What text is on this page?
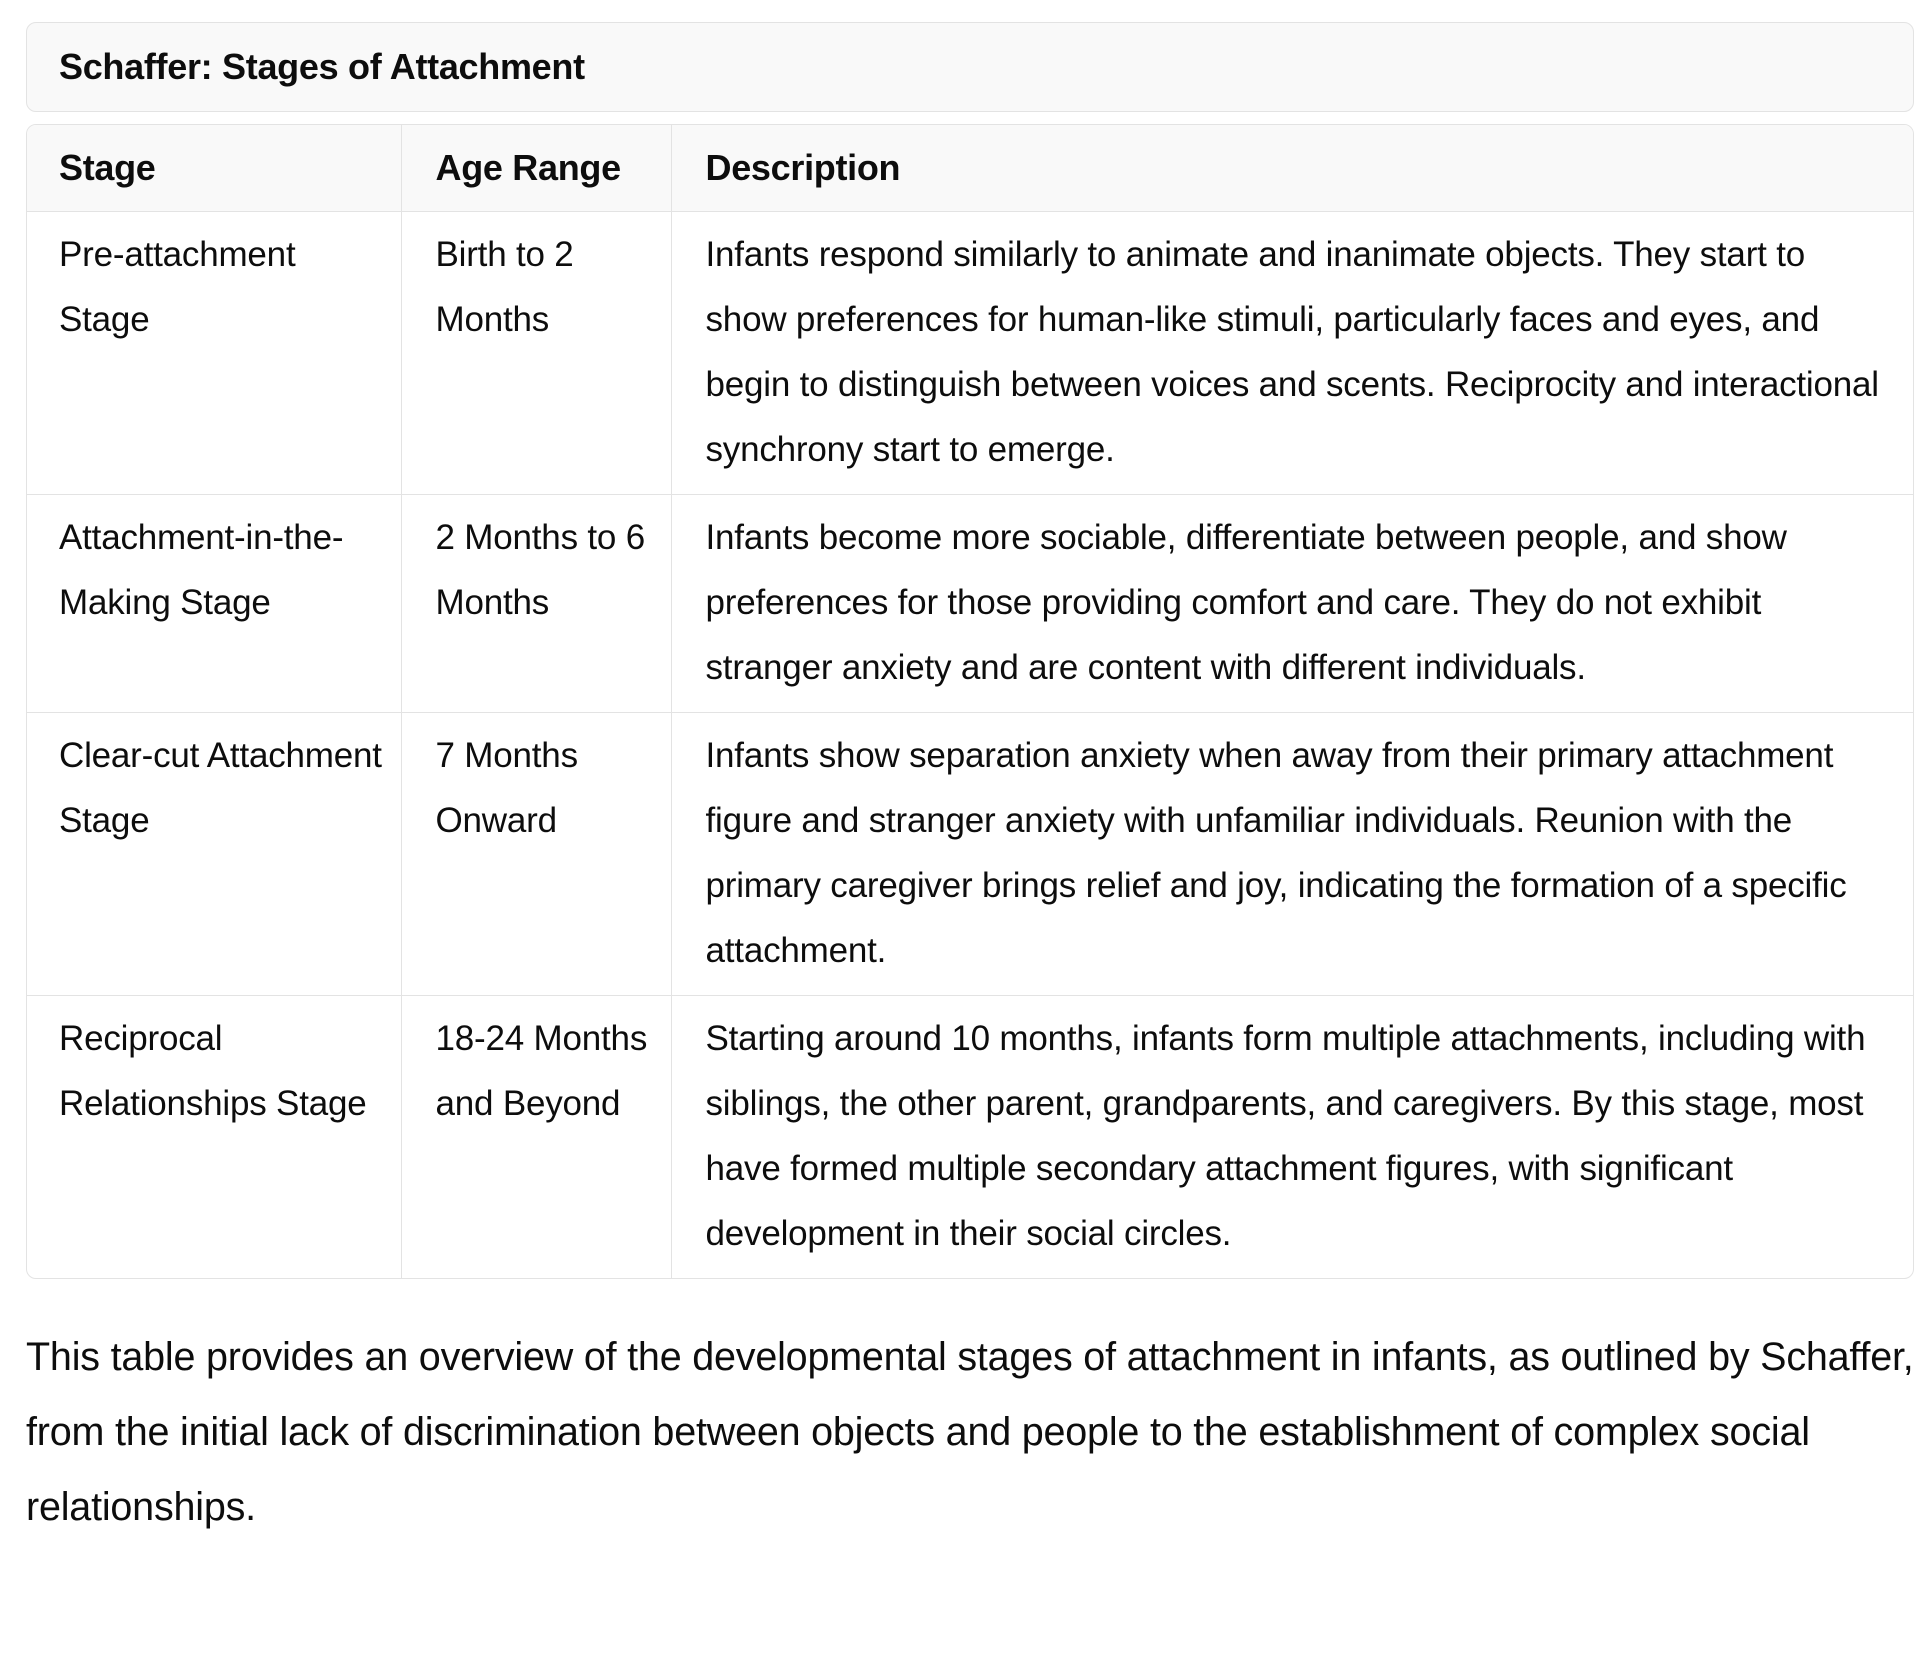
Schaffer: Stages of Attachment
Stage	Age Range	Description
Pre-attachment Stage	Birth to 2 Months	Infants respond similarly to animate and inanimate objects. They start to show preferences for human-like stimuli, particularly faces and eyes, and begin to distinguish between voices and scents. Reciprocity and interactional synchrony start to emerge.
Attachment-in-the-Making Stage	2 Months to 6 Months	Infants become more sociable, differentiate between people, and show preferences for those providing comfort and care. They do not exhibit stranger anxiety and are content with different individuals.
Clear-cut Attachment Stage	7 Months Onward	Infants show separation anxiety when away from their primary attachment figure and stranger anxiety with unfamiliar individuals. Reunion with the primary caregiver brings relief and joy, indicating the formation of a specific attachment.
Reciprocal Relationships Stage	18-24 Months and Beyond	Starting around 10 months, infants form multiple attachments, including with siblings, the other parent, grandparents, and caregivers. By this stage, most have formed multiple secondary attachment figures, with significant development in their social circles.

This table provides an overview of the developmental stages of attachment in infants, as outlined by Schaffer, from the initial lack of discrimination between objects and people to the establishment of complex social relationships.
